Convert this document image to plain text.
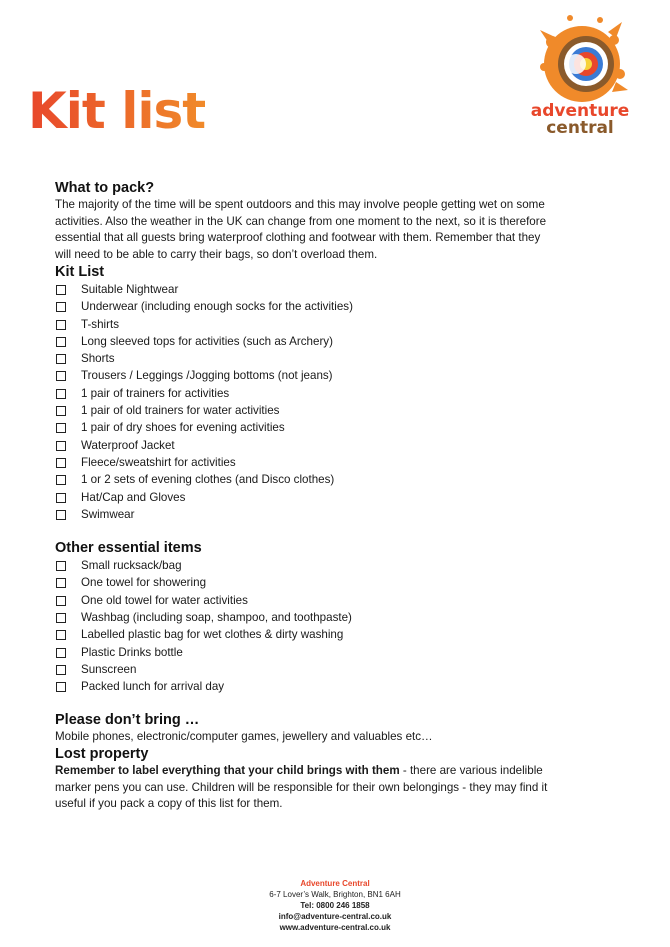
Kit list	adventure
central
What to pack?

The majority of the time will be spent outdoors and this may involve people getting wet on some activities. Also the weather in the UK can change from one moment to the next, so it is therefore essential that all guests bring waterproof clothing and footwear with them. Remember that they will need to be able to carry their bags, so don’t overload them.

Kit List
Suitable Nightwear
Underwear (including enough socks for the activities)
T-shirts
Long sleeved tops for activities (such as Archery)
Shorts
Trousers / Leggings /Jogging bottoms (not jeans)
1 pair of trainers for activities
1 pair of old trainers for water activities
1 pair of dry shoes for evening activities
Waterproof Jacket
Fleece/sweatshirt for activities
1 or 2 sets of evening clothes (and Disco clothes)
Hat/Cap and Gloves
Swimwear
Other essential items
Small rucksack/bag
One towel for showering
One old towel for water activities
Washbag (including soap, shampoo, and toothpaste)
Labelled plastic bag for wet clothes & dirty washing
Plastic Drinks bottle
Sunscreen
Packed lunch for arrival day
Please don’t bring …

Mobile phones, electronic/computer games, jewellery and valuables etc…

Lost property

Remember to label everything that your child brings with them - there are various indelible marker pens you can use. Children will be responsible for their own belongings - they may find it useful if you pack a copy of this list for them.

Adventure Central
6-7 Lover’s Walk, Brighton, BN1 6AH
Tel: 0800 246 1858
info@adventure-central.co.uk
www.adventure-central.co.uk
